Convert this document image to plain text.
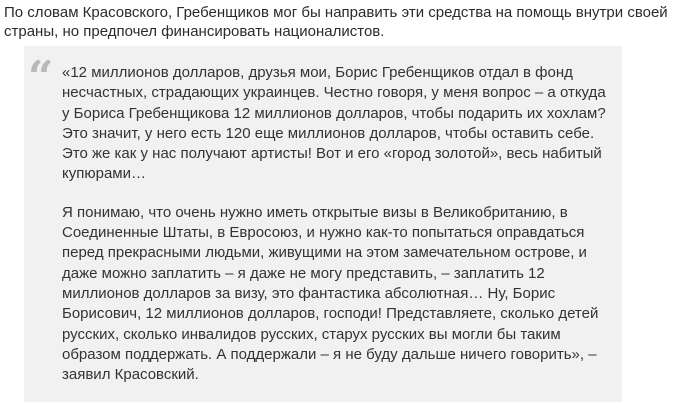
По словам Красовского, Гребенщиков мог бы направить эти средства на помощь внутри своей страны, но предпочел финансировать националистов.

“ «12 миллионов долларов, друзья мои, Борис Гребенщиков отдал в фонд несчастных, страдающих украинцев. Честно говоря, у меня вопрос – а откуда у Бориса Гребенщикова 12 миллионов долларов, чтобы подарить их хохлам? Это значит, у него есть 120 еще миллионов долларов, чтобы оставить себе. Это же как у нас получают артисты! Вот и его «город золотой», весь набитый купюрами…

Я понимаю, что очень нужно иметь открытые визы в Великобританию, в Соединенные Штаты, в Евросоюз, и нужно как-то попытаться оправдаться перед прекрасными людьми, живущими на этом замечательном острове, и даже можно заплатить – я даже не могу представить, – заплатить 12 миллионов долларов за визу, это фантастика абсолютная… Ну, Борис Борисович, 12 миллионов долларов, господи! Представляете, сколько детей русских, сколько инвалидов русских, старух русских вы могли бы таким образом поддержать. А поддержали – я не буду дальше ничего говорить», – заявил Красовский.
